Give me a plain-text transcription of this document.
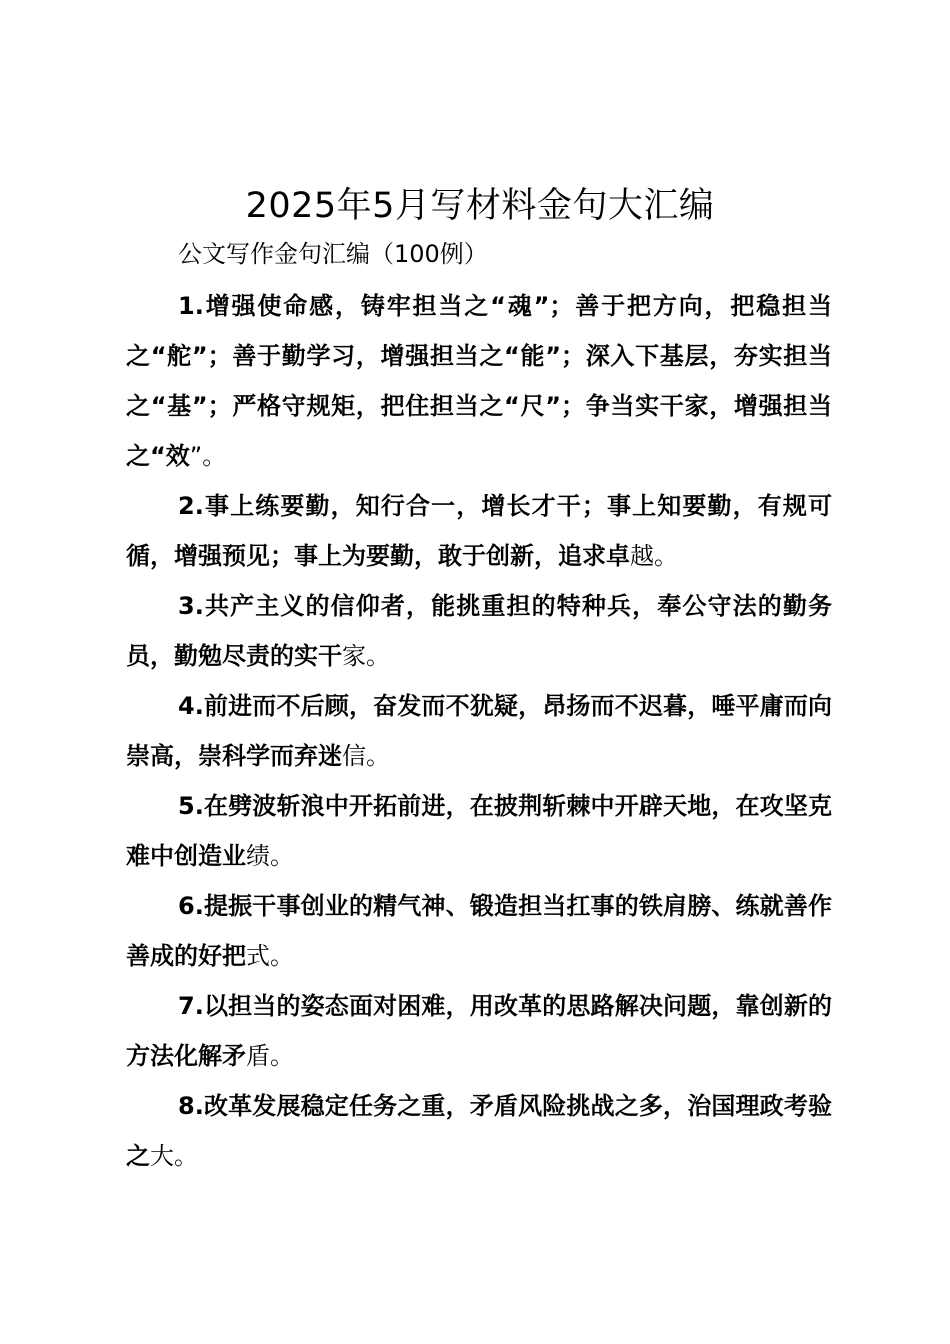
2025年5月写材料金句大汇编

公文写作金句汇编（100例）

1.增强使命感，铸牢担当之“魂”；善于把方向，把稳担当之“舵”；善于勤学习，增强担当之“能”；深入下基层，夯实担当之“基”；严格守规矩，把住担当之“尺”；争当实干家，增强担当之“效”。

2.事上练要勤，知行合一，增长才干；事上知要勤，有规可循，增强预见；事上为要勤，敢于创新，追求卓越。

3.共产主义的信仰者，能挑重担的特种兵，奉公守法的勤务员，勤勉尽责的实干家。

4.前进而不后顾，奋发而不犹疑，昂扬而不迟暮，唾平庸而向崇高，崇科学而弃迷信。

5.在劈波斩浪中开拓前进，在披荆斩棘中开辟天地，在攻坚克难中创造业绩。

6.提振干事创业的精气神、锻造担当扛事的铁肩膀、练就善作善成的好把式。

7.以担当的姿态面对困难，用改革的思路解决问题，靠创新的方法化解矛盾。

8.改革发展稳定任务之重，矛盾风险挑战之多，治国理政考验之大。
